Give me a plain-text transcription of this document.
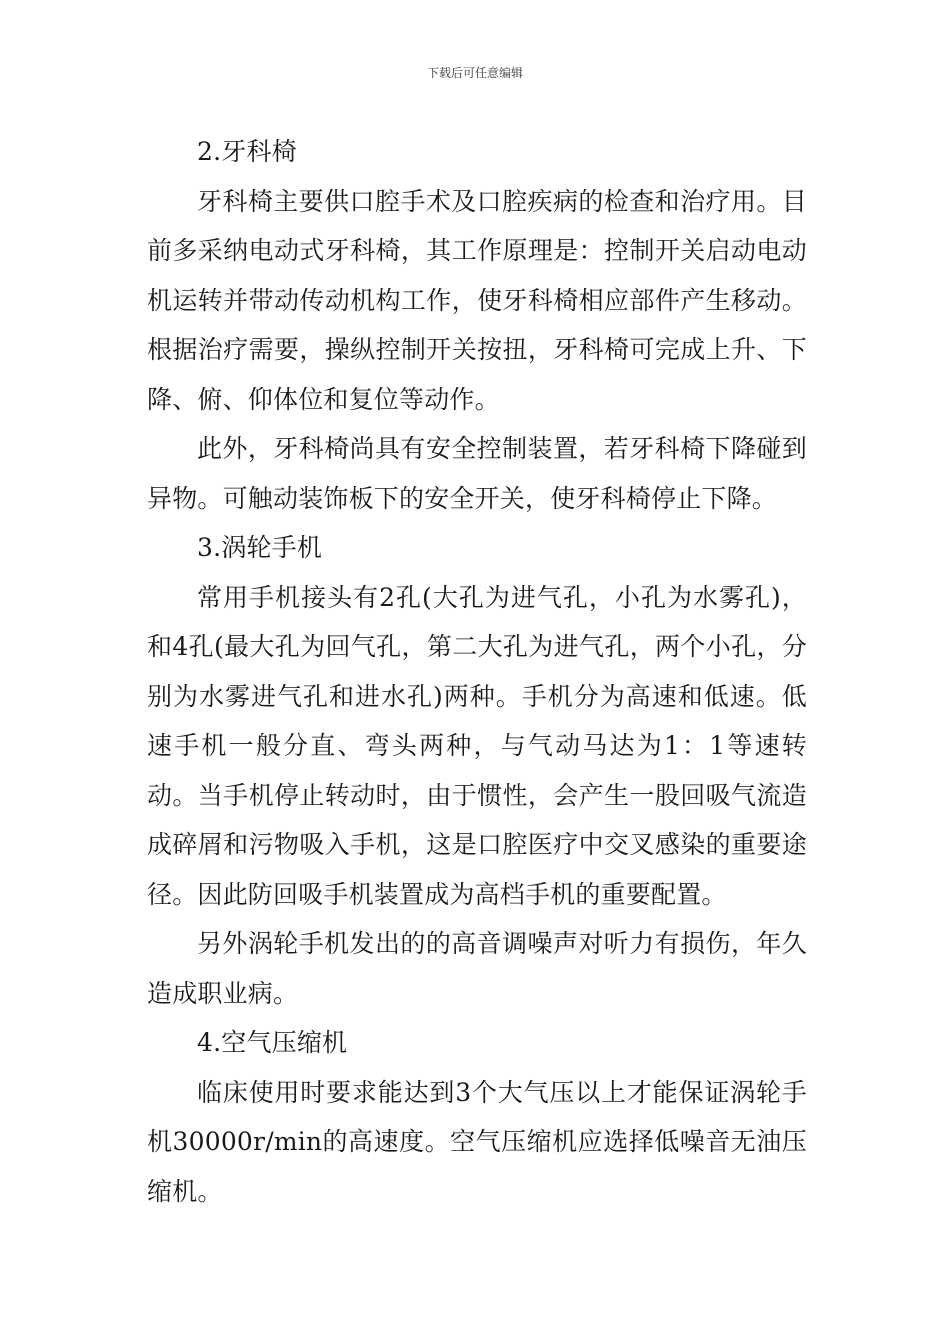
下载后可任意编辑

2.牙科椅

牙科椅主要供口腔手术及口腔疾病的检查和治疗用。目前多采纳电动式牙科椅，其工作原理是：控制开关启动电动机运转并带动传动机构工作，使牙科椅相应部件产生移动。根据治疗需要，操纵控制开关按扭，牙科椅可完成上升、下降、俯、仰体位和复位等动作。

此外，牙科椅尚具有安全控制装置，若牙科椅下降碰到异物。可触动装饰板下的安全开关，使牙科椅停止下降。

3.涡轮手机

常用手机接头有2孔(大孔为进气孔，小孔为水雾孔)，和4孔(最大孔为回气孔，第二大孔为进气孔，两个小孔，分别为水雾进气孔和进水孔)两种。手机分为高速和低速。低速手机一般分直、弯头两种，与气动马达为1：1等速转动。当手机停止转动时，由于惯性，会产生一股回吸气流造成碎屑和污物吸入手机，这是口腔医疗中交叉感染的重要途径。因此防回吸手机装置成为高档手机的重要配置。

另外涡轮手机发出的的高音调噪声对听力有损伤，年久造成职业病。

4.空气压缩机

临床使用时要求能达到3个大气压以上才能保证涡轮手机30000r/min的高速度。空气压缩机应选择低噪音无油压缩机。
